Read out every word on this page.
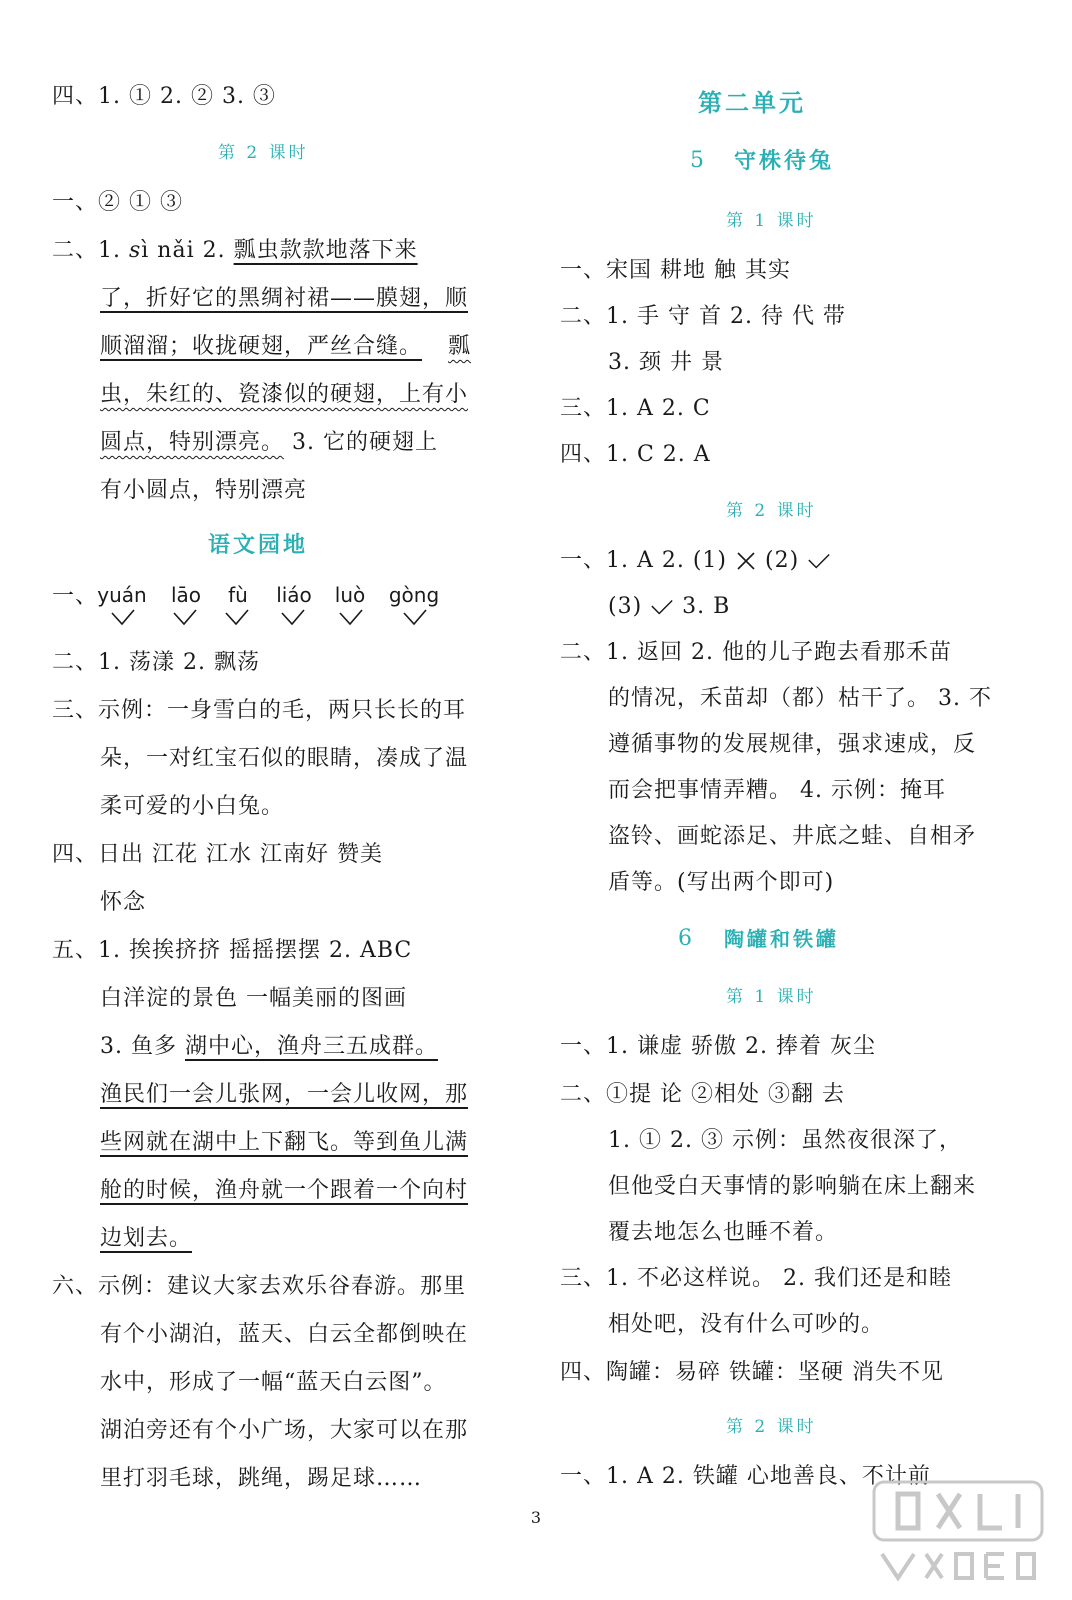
四、1. ① 2. ② 3. ③
第 2 课时
一、② ① ③
二、1. 𝑠ì nǎi 2. 瓢虫款款地落下来
了，折好它的黑绸衬裙——膜翅，顺
顺溜溜；收拢硬翅，严丝合缝。 瓢
虫，朱红的、瓷漆似的硬翅，上有小
圆点，特别漂亮。 3. 它的硬翅上
有小圆点，特别漂亮
语文园地
一、 yuán	lāo	fù	liáo	luò	gòng
二、1. 荡漾 2. 飘荡
三、示例：一身雪白的毛，两只长长的耳
朵，一对红宝石似的眼睛，凑成了温
柔可爱的小白兔。
四、日出 江花 江水 江南好 赞美
怀念
五、1. 挨挨挤挤 摇摇摆摆 2. ABC
白洋淀的景色 一幅美丽的图画
3. 鱼多 湖中心，渔舟三五成群。
渔民们一会儿张网，一会儿收网，那
些网就在湖中上下翻飞。等到鱼儿满
舱的时候，渔舟就一个跟着一个向村
边划去。
六、示例：建议大家去欢乐谷春游。那里
有个小湖泊，蓝天、白云全都倒映在
水中，形成了一幅“蓝天白云图”。
湖泊旁还有个小广场，大家可以在那
里打羽毛球，跳绳，踢足球……
第二单元
5 守株待兔
第 1 课时
一、宋国 耕地 触 其实
二、1. 手 守 首 2. 待 代 带
3. 颈 井 景
三、1. A 2. C
四、1. C 2. A
第 2 课时
一、1. A 2. (1)  (2)
(3)  3. B
二、1. 返回 2. 他的儿子跑去看那禾苗
的情况，禾苗却（都）枯干了。 3. 不
遵循事物的发展规律，强求速成，反
而会把事情弄糟。 4. 示例：掩耳
盗铃、画蛇添足、井底之蛙、自相矛
盾等。(写出两个即可)
6 陶罐和铁罐
第 1 课时
一、1. 谦虚 骄傲 2. 捧着 灰尘
二、①提 论 ②相处 ③翻 去
1. ① 2. ③ 示例：虽然夜很深了，
但他受白天事情的影响躺在床上翻来
覆去地怎么也睡不着。
三、1. 不必这样说。 2. 我们还是和睦
相处吧，没有什么可吵的。
四、陶罐：易碎 铁罐：坚硬 消失不见
第 2 课时
一、1. A 2. 铁罐 心地善良、不计前
3
